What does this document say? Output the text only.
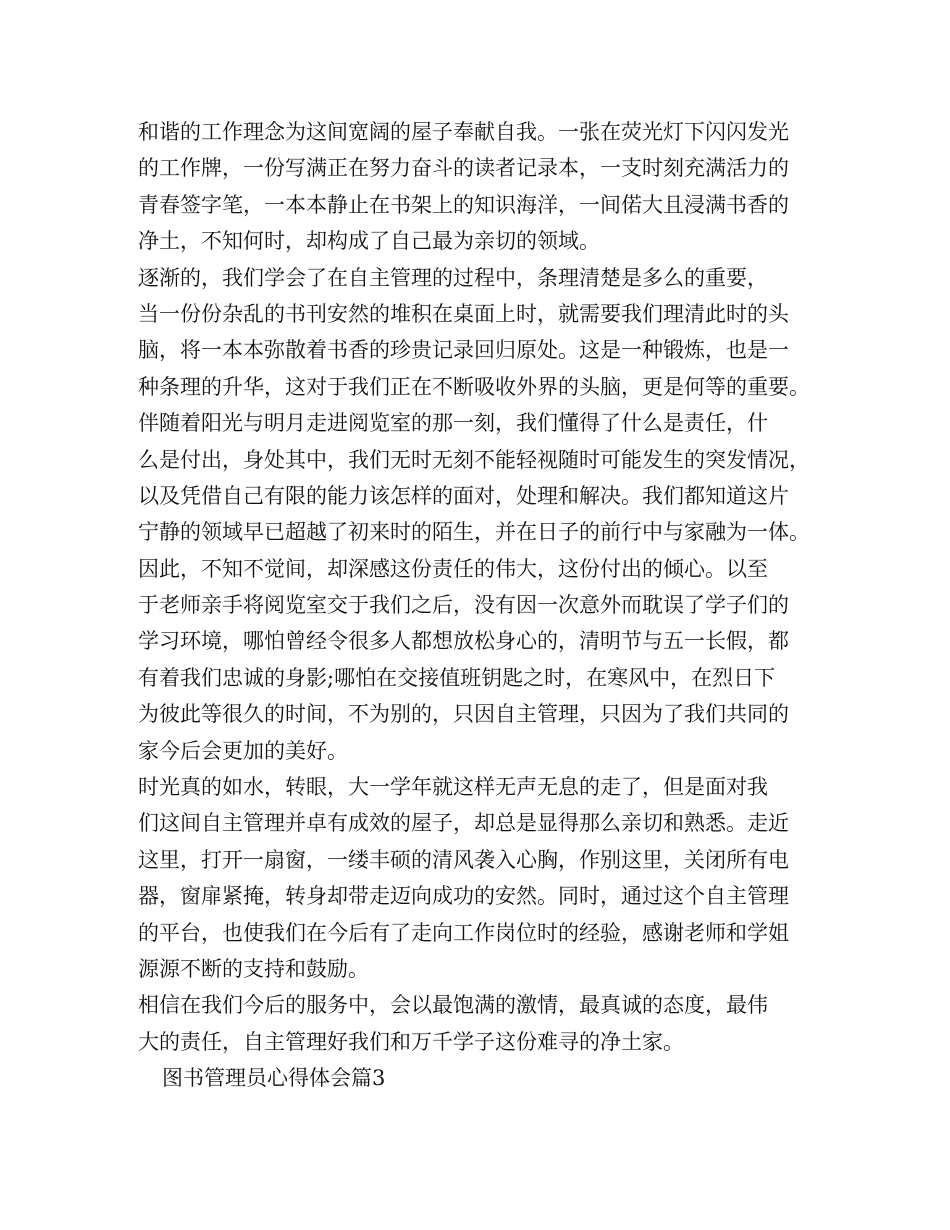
和谐的工作理念为这间宽阔的屋子奉献自我。一张在荧光灯下闪闪发光
的工作牌，一份写满正在努力奋斗的读者记录本，一支时刻充满活力的
青春签字笔，一本本静止在书架上的知识海洋，一间偌大且浸满书香的
净土，不知何时，却构成了自己最为亲切的领域。
逐渐的，我们学会了在自主管理的过程中，条理清楚是多么的重要，
当一份份杂乱的书刊安然的堆积在桌面上时，就需要我们理清此时的头
脑，将一本本弥散着书香的珍贵记录回归原处。这是一种锻炼，也是一
种条理的升华，这对于我们正在不断吸收外界的头脑，更是何等的重要。
伴随着阳光与明月走进阅览室的那一刻，我们懂得了什么是责任，什
么是付出，身处其中，我们无时无刻不能轻视随时可能发生的突发情况，
以及凭借自己有限的能力该怎样的面对，处理和解决。我们都知道这片
宁静的领域早已超越了初来时的陌生，并在日子的前行中与家融为一体。
因此，不知不觉间，却深感这份责任的伟大，这份付出的倾心。以至
于老师亲手将阅览室交于我们之后，没有因一次意外而耽误了学子们的
学习环境，哪怕曾经令很多人都想放松身心的，清明节与五一长假，都
有着我们忠诚的身影;哪怕在交接值班钥匙之时，在寒风中，在烈日下
为彼此等很久的时间，不为别的，只因自主管理，只因为了我们共同的
家今后会更加的美好。
时光真的如水，转眼，大一学年就这样无声无息的走了，但是面对我
们这间自主管理并卓有成效的屋子，却总是显得那么亲切和熟悉。走近
这里，打开一扇窗，一缕丰硕的清风袭入心胸，作别这里，关闭所有电
器，窗扉紧掩，转身却带走迈向成功的安然。同时，通过这个自主管理
的平台，也使我们在今后有了走向工作岗位时的经验，感谢老师和学姐
源源不断的支持和鼓励。
相信在我们今后的服务中，会以最饱满的激情，最真诚的态度，最伟
大的责任，自主管理好我们和万千学子这份难寻的净土家。
图书管理员心得体会篇3
